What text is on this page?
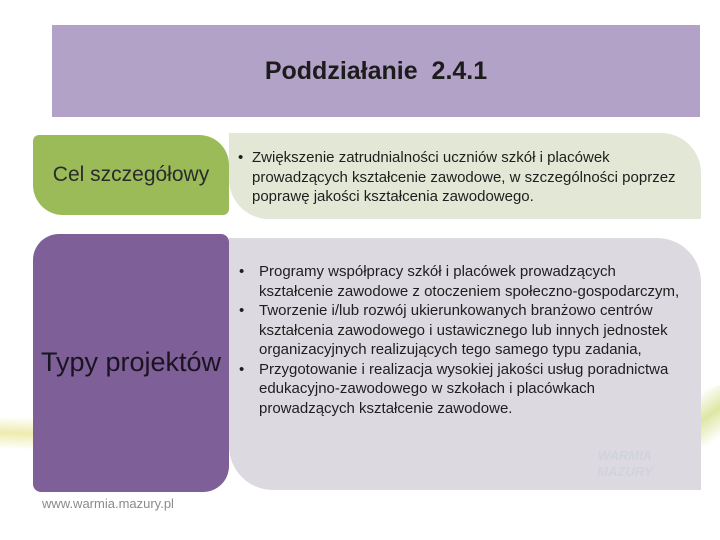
Poddziałanie  2.4.1
Cel szczegółowy
• Zwiększenie zatrudnialności uczniów szkół i placówek prowadzących kształcenie zawodowe, w szczególności poprzez poprawę jakości kształcenia zawodowego.
Typy projektów
• Programy współpracy szkół i placówek prowadzących kształcenie zawodowe z otoczeniem społeczno-gospodarczym,
• Tworzenie i/lub rozwój ukierunkowanych branżowo centrów kształcenia zawodowego i ustawicznego lub innych jednostek organizacyjnych realizujących tego samego typu zadania,
• Przygotowanie i realizacja wysokiej jakości usług poradnictwa edukacyjno-zawodowego w szkołach i placówkach prowadzących kształcenie zawodowe.
WARMIA MAZURY
www.warmia.mazury.pl
